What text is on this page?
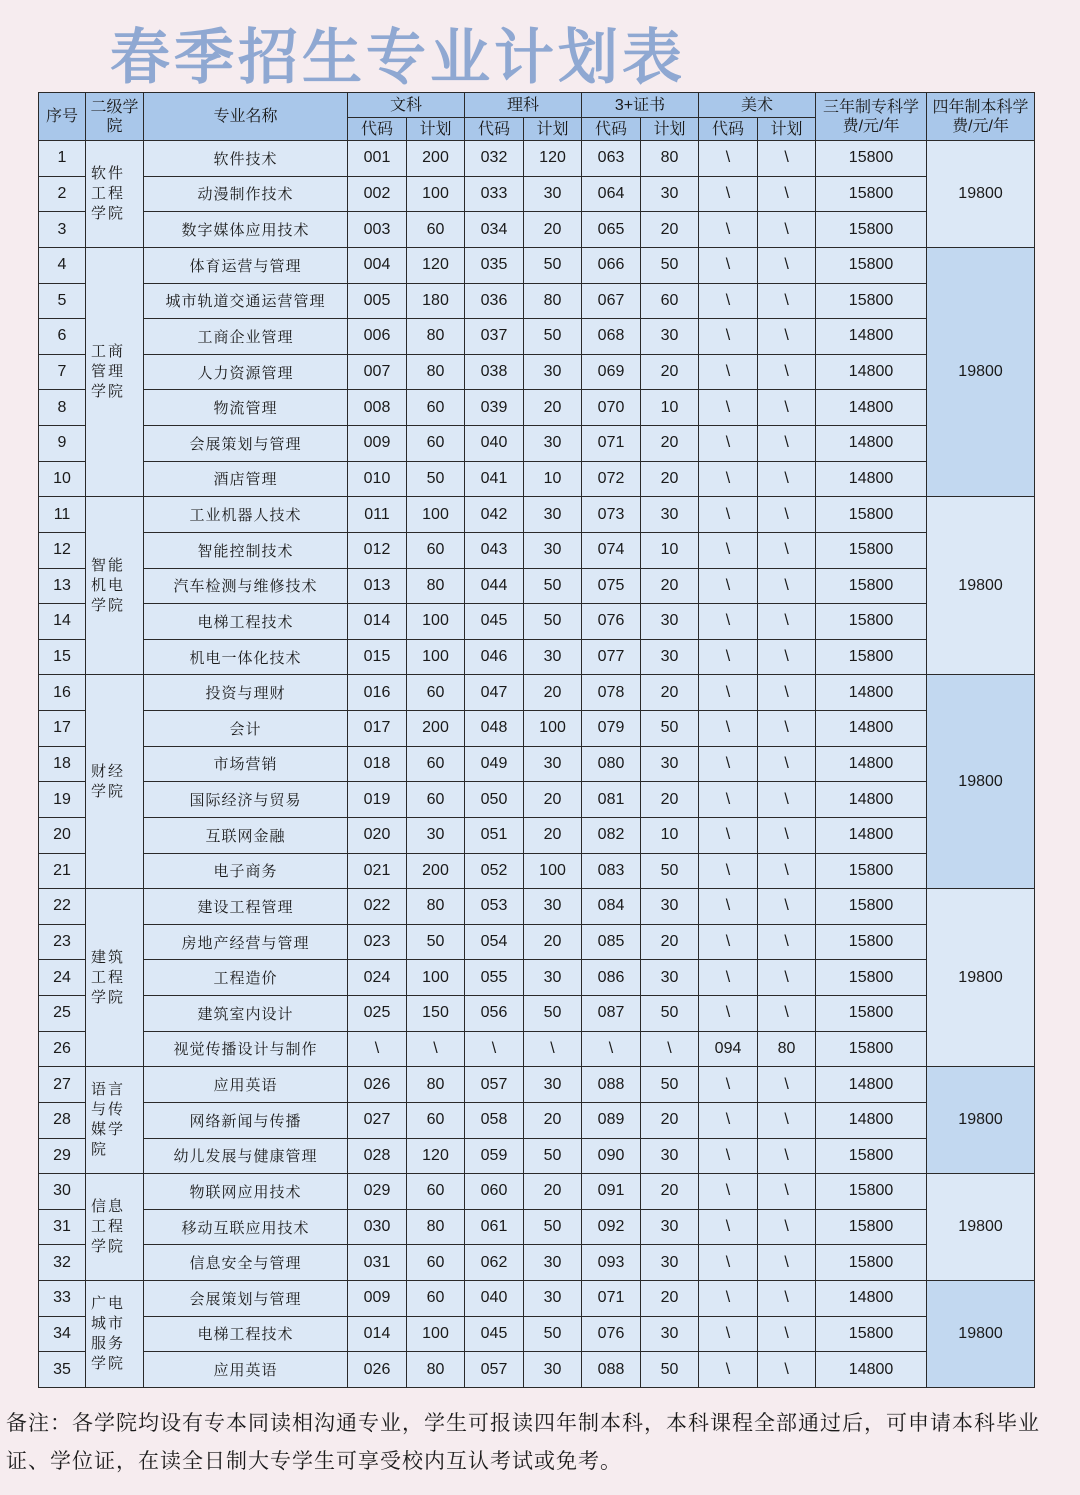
春季招生专业计划表
序号	二级学院	专业名称	文科		理科		3+证书		美术		三年制专科学费/元/年	四年制本科学费/元/年
			代码	计划	代码	计划	代码	计划	代码	计划		
1	软件工程学院	软件技术	001	200	032	120	063	80	\	\	15800	19800
2		动漫制作技术	002	100	033	30	064	30	\	\	15800	
3		数字媒体应用技术	003	60	034	20	065	20	\	\	15800	
4	工商管理学院	体育运营与管理	004	120	035	50	066	50	\	\	15800	19800
5		城市轨道交通运营管理	005	180	036	80	067	60	\	\	15800	
6		工商企业管理	006	80	037	50	068	30	\	\	14800	
7		人力资源管理	007	80	038	30	069	20	\	\	14800	
8		物流管理	008	60	039	20	070	10	\	\	14800	
9		会展策划与管理	009	60	040	30	071	20	\	\	14800	
10		酒店管理	010	50	041	10	072	20	\	\	14800	
11	智能机电学院	工业机器人技术	011	100	042	30	073	30	\	\	15800	19800
12		智能控制技术	012	60	043	30	074	10	\	\	15800	
13		汽车检测与维修技术	013	80	044	50	075	20	\	\	15800	
14		电梯工程技术	014	100	045	50	076	30	\	\	15800	
15		机电一体化技术	015	100	046	30	077	30	\	\	15800	
16	财经学院	投资与理财	016	60	047	20	078	20	\	\	14800	19800
17		会计	017	200	048	100	079	50	\	\	14800	
18		市场营销	018	60	049	30	080	30	\	\	14800	
19		国际经济与贸易	019	60	050	20	081	20	\	\	14800	
20		互联网金融	020	30	051	20	082	10	\	\	14800	
21		电子商务	021	200	052	100	083	50	\	\	15800	
22	建筑工程学院	建设工程管理	022	80	053	30	084	30	\	\	15800	19800
23		房地产经营与管理	023	50	054	20	085	20	\	\	15800	
24		工程造价	024	100	055	30	086	30	\	\	15800	
25		建筑室内设计	025	150	056	50	087	50	\	\	15800	
26		视觉传播设计与制作	\	\	\	\	\	\	094	80	15800	
27	语言与传媒学院	应用英语	026	80	057	30	088	50	\	\	14800	19800
28		网络新闻与传播	027	60	058	20	089	20	\	\	14800	
29		幼儿发展与健康管理	028	120	059	50	090	30	\	\	15800	
30	信息工程学院	物联网应用技术	029	60	060	20	091	20	\	\	15800	19800
31		移动互联应用技术	030	80	061	50	092	30	\	\	15800	
32		信息安全与管理	031	60	062	30	093	30	\	\	15800	
33	广电城市服务学院	会展策划与管理	009	60	040	30	071	20	\	\	14800	19800
34		电梯工程技术	014	100	045	50	076	30	\	\	15800	
35		应用英语	026	80	057	30	088	50	\	\	14800	
备注：各学院均设有专本同读相沟通专业，学生可报读四年制本科，本科课程全部通过后，可申请本科毕业证、学位证，在读全日制大专学生可享受校内互认考试或免考。
